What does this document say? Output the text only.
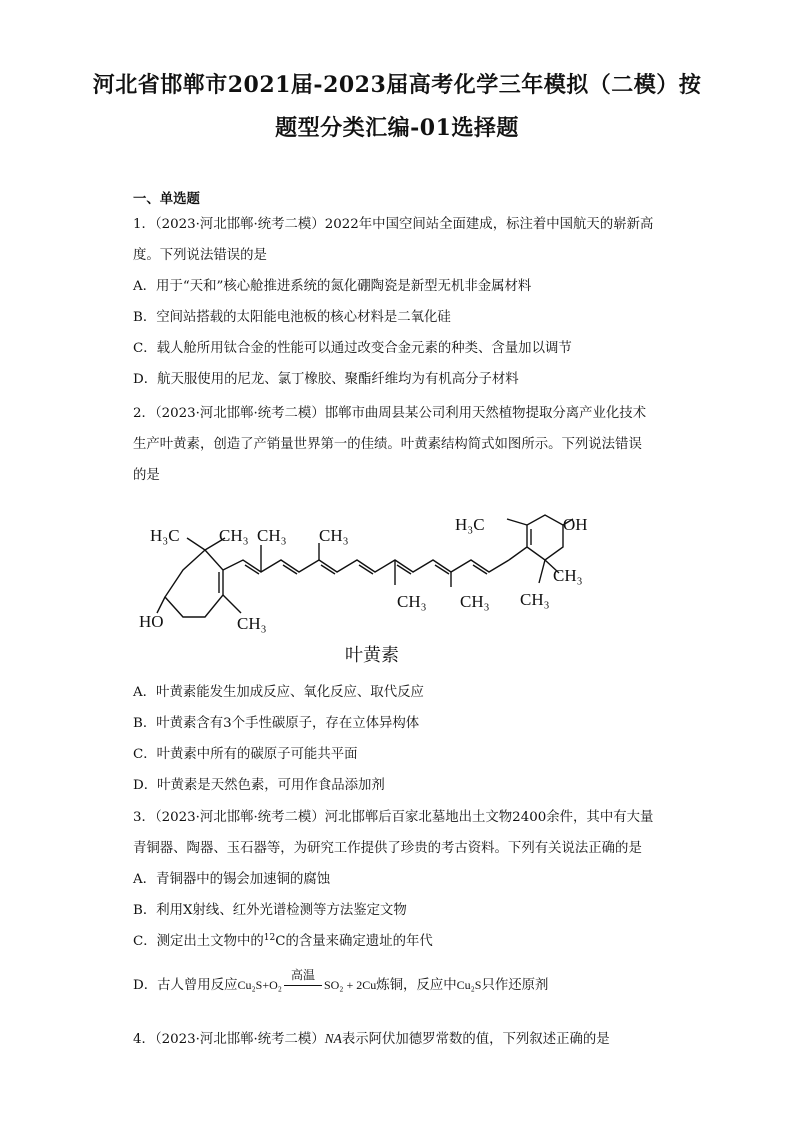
河北省邯郸市2021届-2023届高考化学三年模拟（二模）按
题型分类汇编-01选择题
一、单选题
1．（2023·河北邯郸·统考二模）2022年中国空间站全面建成，标注着中国航天的崭新高
度。下列说法错误的是
A．用于“天和”核心舱推进系统的氮化硼陶瓷是新型无机非金属材料
B．空间站搭载的太阳能电池板的核心材料是二氧化硅
C．载人舱所用钛合金的性能可以通过改变合金元素的种类、含量加以调节
D．航天服使用的尼龙、氯丁橡胶、聚酯纤维均为有机高分子材料
2．（2023·河北邯郸·统考二模）邯郸市曲周县某公司利用天然植物提取分离产业化技术
生产叶黄素，创造了产销量世界第一的佳绩。叶黄素结构简式如图所示。下列说法错误
的是
H₃C CH₃ CH₃ CH₃
CH₃
HO
CH₃ CH₃
H₃C	OH
CH₃
CH₃
叶黄素
A．叶黄素能发生加成反应、氧化反应、取代反应
B．叶黄素含有3个手性碳原子，存在立体异构体
C．叶黄素中所有的碳原子可能共平面
D．叶黄素是天然色素，可用作食品添加剂
3．（2023·河北邯郸·统考二模）河北邯郸后百家北墓地出土文物2400余件，其中有大量
青铜器、陶器、玉石器等，为研究工作提供了珍贵的考古资料。下列有关说法正确的是
A．青铜器中的锡会加速铜的腐蚀
B．利用X射线、红外光谱检测等方法鉴定文物
C．测定出土文物中的$^{12}$C的含量来确定遗址的年代
D．古人曾用反应Cu₂S+O₂
高温
SO₂ + 2Cu炼铜，反应中Cu₂S只作还原剂
4．（2023·河北邯郸·统考二模）NA表示阿伏加德罗常数的值，下列叙述正确的是
